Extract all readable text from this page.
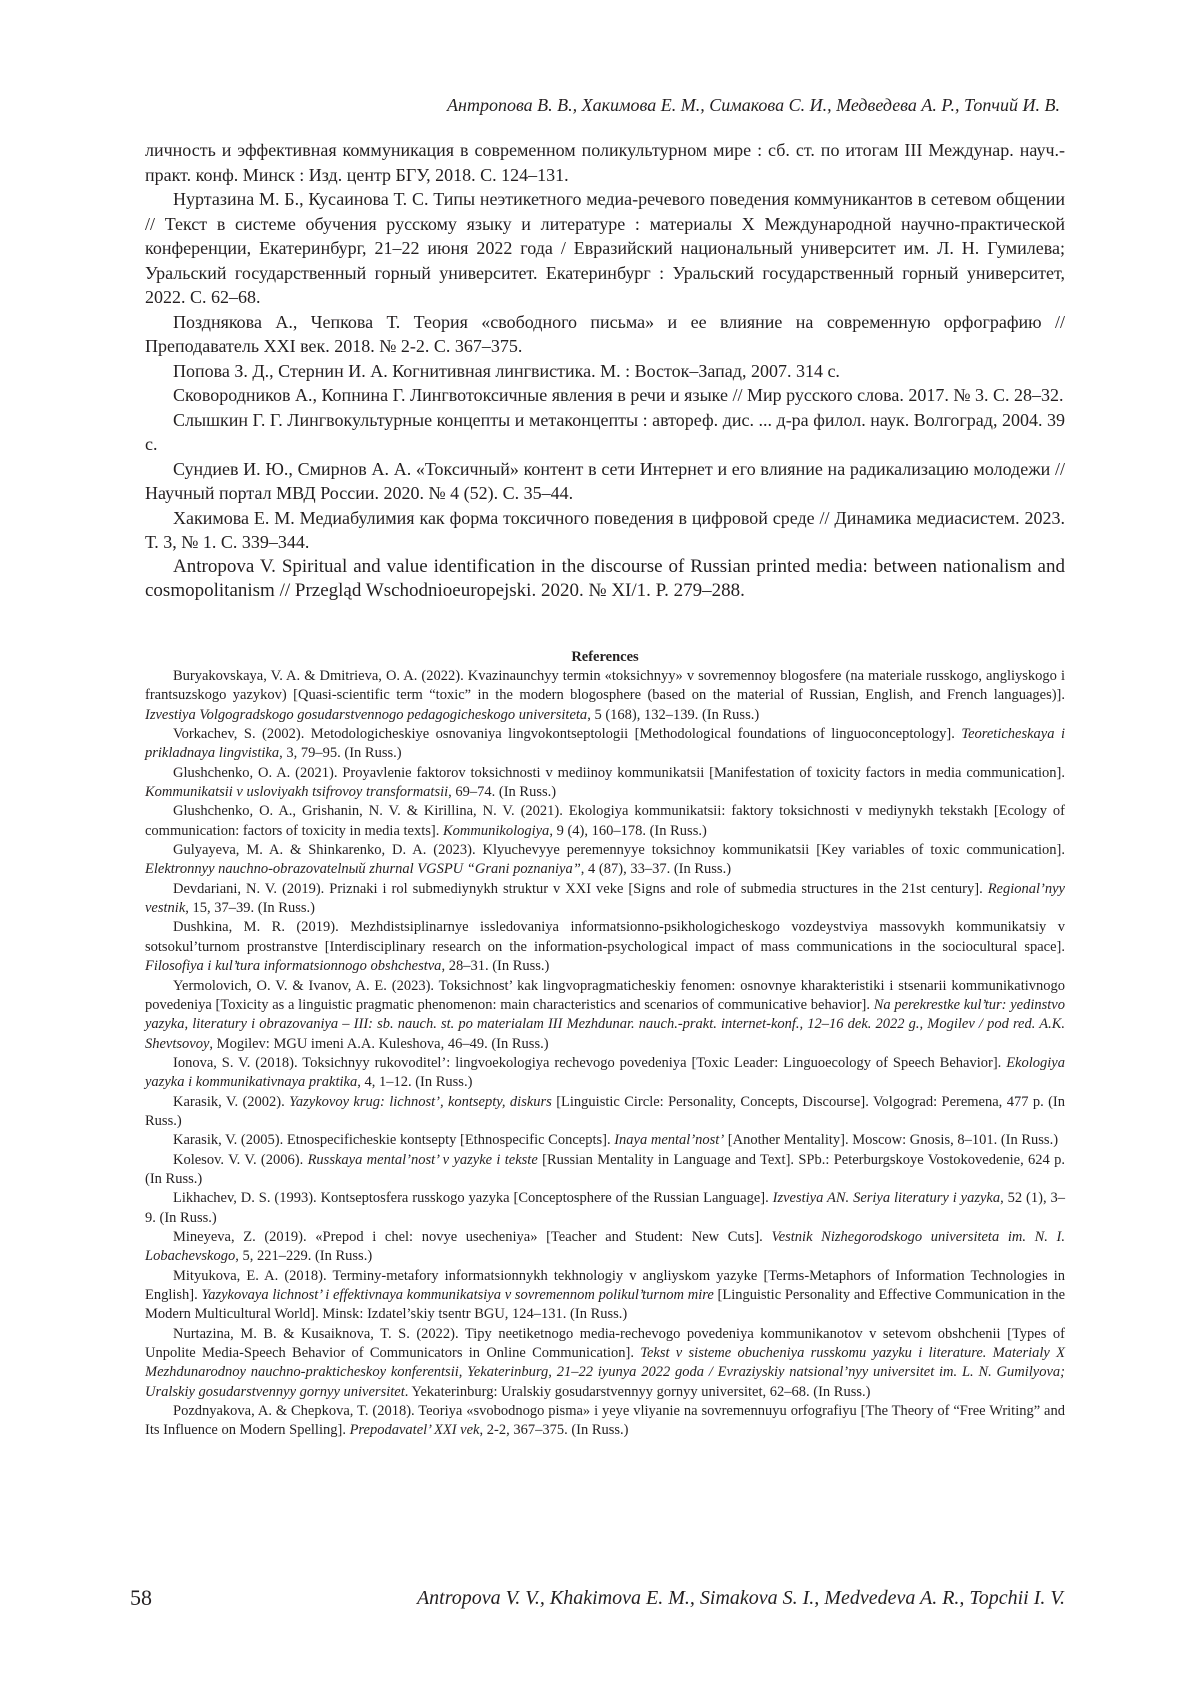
Антропова В. В., Хакимова Е. М., Симакова С. И., Медведева А. Р., Топчий И. В.

личность и эффективная коммуникация в современном поликультурном мире : сб. ст. по итогам III Междунар. науч.-практ. конф. Минск : Изд. центр БГУ, 2018. С. 124–131.

Нуртазина М. Б., Кусаинова Т. С. Типы неэтикетного медиа-речевого поведения коммуникантов в сетевом общении // Текст в системе обучения русскому языку и литературе : материалы X Международной научно-практической конференции, Екатеринбург, 21–22 июня 2022 года / Евразийский национальный университет им. Л. Н. Гумилева; Уральский государственный горный университет. Екатеринбург : Уральский государственный горный университет, 2022. С. 62–68.

Позднякова А., Чепкова Т. Теория «свободного письма» и ее влияние на современную орфографию // Преподаватель XXI век. 2018. № 2-2. С. 367–375.

Попова З. Д., Стернин И. А. Когнитивная лингвистика. М. : Восток–Запад, 2007. 314 с.

Сковородников А., Копнина Г. Лингвотоксичные явления в речи и языке // Мир русского слова. 2017. № 3. С. 28–32.

Слышкин Г. Г. Лингвокультурные концепты и метаконцепты : автореф. дис. ... д-ра филол. наук. Волгоград, 2004. 39 с.

Сундиев И. Ю., Смирнов А. А. «Токсичный» контент в сети Интернет и его влияние на радикализацию молодежи // Научный портал МВД России. 2020. № 4 (52). С. 35–44.

Хакимова Е. М. Медиабулимия как форма токсичного поведения в цифровой среде // Динамика медиасистем. 2023. Т. 3, № 1. С. 339–344.

Antropova V. Spiritual and value identification in the discourse of Russian printed media: between nationalism and cosmopolitanism // Przegląd Wschodnioeuropejski. 2020. № XI/1. P. 279–288.

References

Buryakovskaya, V. A. & Dmitrieva, O. A. (2022). Kvazinaunchyy termin «toksichnyy» v sovremennoy blogosfere (na materiale russkogo, angliyskogo i frantsuzskogo yazykov) [Quasi-scientific term “toxic” in the modern blogosphere (based on the material of Russian, English, and French languages)]. Izvestiya Volgogradskogo gosudarstvennogo pedagogicheskogo universiteta, 5 (168), 132–139. (In Russ.)

Vorkachev, S. (2002). Metodologicheskiye osnovaniya lingvokontseptologii [Methodological foundations of linguoconceptology]. Teoreticheskaya i prikladnaya lingvistika, 3, 79–95. (In Russ.)

Glushchenko, O. A. (2021). Proyavlenie faktorov toksichnosti v mediinoy kommunikatsii [Manifestation of toxicity factors in media communication]. Kommunikatsii v usloviyakh tsifrovoy transformatsii, 69–74. (In Russ.)

Glushchenko, O. A., Grishanin, N. V. & Kirillina, N. V. (2021). Ekologiya kommunikatsii: faktory toksichnosti v mediynykh tekstakh [Ecology of communication: factors of toxicity in media texts]. Kommunikologiya, 9 (4), 160–178. (In Russ.)

Gulyayeva, M. A. & Shinkarenko, D. A. (2023). Klyuchevyye peremennyye toksichnoy kommunikatsii [Key variables of toxic communication]. Elektronnyy nauchno-obrazovatelnый zhurnal VGSPU “Grani poznaniya”, 4 (87), 33–37. (In Russ.)

Devdariani, N. V. (2019). Priznaki i rol submediynykh struktur v XXI veke [Signs and role of submedia structures in the 21st century]. Regional’nyy vestnik, 15, 37–39. (In Russ.)

Dushkina, M. R. (2019). Mezhdistsiplinarnye issledovaniya informatsionno-psikhologicheskogo vozdeystviya massovykh kommunikatsiy v sotsokul’turnom prostranstve [Interdisciplinary research on the information-psychological impact of mass communications in the sociocultural space]. Filosofiya i kul’tura informatsionnogo obshchestva, 28–31. (In Russ.)

Yermolovich, O. V. & Ivanov, A. E. (2023). Toksichnost’ kak lingvopragmaticheskiy fenomen: osnovnye kharakteristiki i stsenarii kommunikativnogo povedeniya [Toxicity as a linguistic pragmatic phenomenon: main characteristics and scenarios of communicative behavior]. Na perekrestke kul’tur: yedinstvo yazyka, literatury i obrazovaniya – III: sb. nauch. st. po materialam III Mezhdunar. nauch.-prakt. internet-konf., 12–16 dek. 2022 g., Mogilev / pod red. A.K. Shevtsovoy, Mogilev: MGU imeni A.A. Kuleshova, 46–49. (In Russ.)

Ionova, S. V. (2018). Toksichnyy rukovoditel’: lingvoekologiya rechevogo povedeniya [Toxic Leader: Linguoecology of Speech Behavior]. Ekologiya yazyka i kommunikativnaya praktika, 4, 1–12. (In Russ.)

Karasik, V. (2002). Yazykovoy krug: lichnost’, kontsepty, diskurs [Linguistic Circle: Personality, Concepts, Discourse]. Volgograd: Peremena, 477 p. (In Russ.)

Karasik, V. (2005). Etnospecificheskie kontsepty [Ethnospecific Concepts]. Inaya mental’nost’ [Another Mentality]. Moscow: Gnosis, 8–101. (In Russ.)

Kolesov. V. V. (2006). Russkaya mental’nost’ v yazyke i tekste [Russian Mentality in Language and Text]. SPb.: Peterburgskoye Vostokovedenie, 624 p. (In Russ.)

Likhachev, D. S. (1993). Kontseptosfera russkogo yazyka [Conceptosphere of the Russian Language]. Izvestiya AN. Seriya literatury i yazyka, 52 (1), 3–9. (In Russ.)

Mineyeva, Z. (2019). «Prepod i chel: novye usecheniya» [Teacher and Student: New Cuts]. Vestnik Nizhegorodskogo universiteta im. N. I. Lobachevskogo, 5, 221–229. (In Russ.)

Mityukova, E. A. (2018). Terminy-metafory informatsionnykh tekhnologiy v angliyskom yazyke [Terms-Metaphors of Information Technologies in English]. Yazykovaya lichnost’ i effektivnaya kommunikatsiya v sovremennom polikul’turnom mire [Linguistic Personality and Effective Communication in the Modern Multicultural World]. Minsk: Izdatel’skiy tsentr BGU, 124–131. (In Russ.)

Nurtazina, M. B. & Kusaiknova, T. S. (2022). Tipy neetiketnogo media-rechevogo povedeniya kommunikanotov v setevom obshchenii [Types of Unpolite Media-Speech Behavior of Communicators in Online Communication]. Tekst v sisteme obucheniya russkomu yazyku i literature. Materialy X Mezhdunarodnoy nauchno-prakticheskoy konferentsii, Yekaterinburg, 21–22 iyunya 2022 goda / Evraziyskiy natsional’nyy universitet im. L. N. Gumilyova; Uralskiy gosudarstvennyy gornyy universitet. Yekaterinburg: Uralskiy gosudarstvennyy gornyy universitet, 62–68. (In Russ.)

Pozdnyakova, A. & Chepkova, T. (2018). Teoriya «svobodnogo pisma» i yeye vliyanie na sovremennuyu orfografiyu [The Theory of “Free Writing” and Its Influence on Modern Spelling]. Prepodavatel’ XXI vek, 2-2, 367–375. (In Russ.)

58	Antropova V. V., Khakimova E. M., Simakova S. I., Medvedeva A. R., Topchii I. V.
